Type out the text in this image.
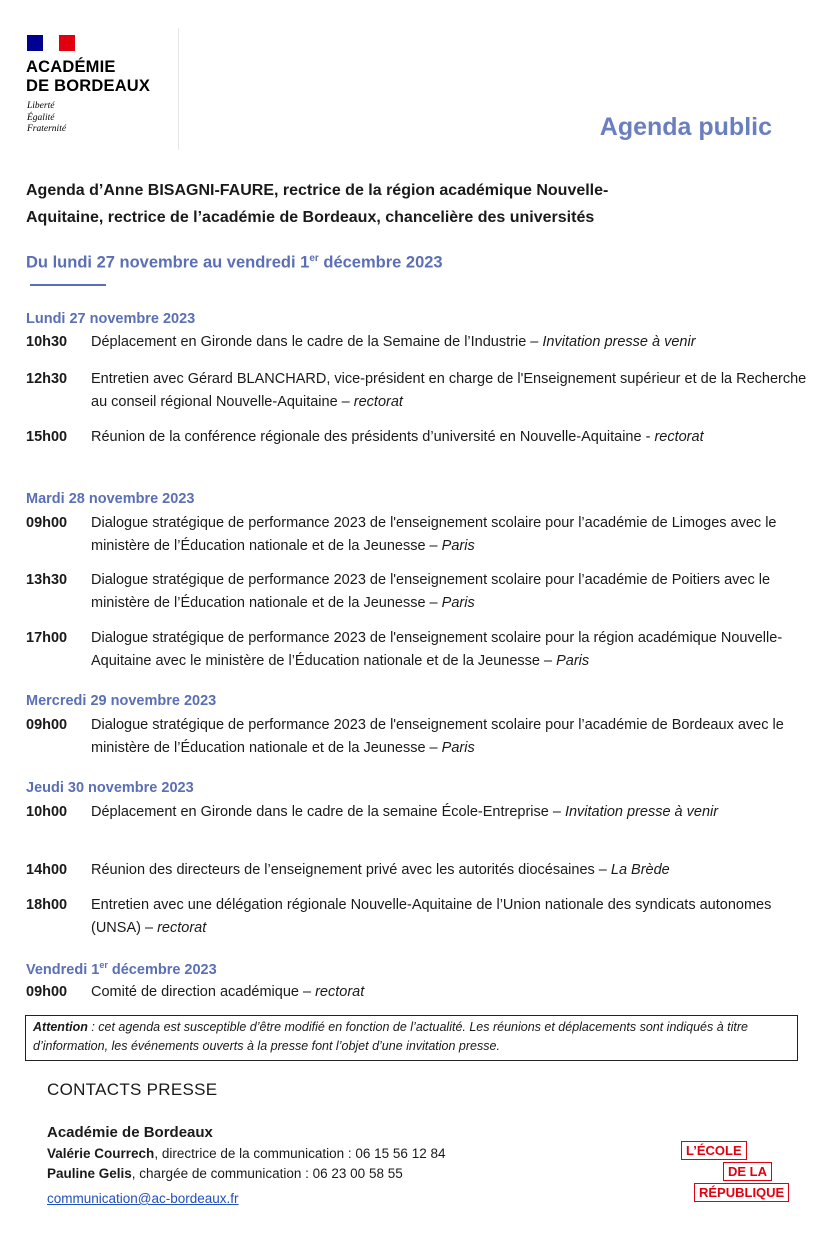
ACADÉMIE
DE BORDEAUX
Liberté
Égalité
Fraternité	Agenda public
Agenda d’Anne BISAGNI-FAURE, rectrice de la région académique Nouvelle-
Aquitaine, rectrice de l’académie de Bordeaux, chancelière des universités
Du lundi 27 novembre au vendredi 1er décembre 2023
Lundi 27 novembre 2023
10h30 Déplacement en Gironde dans le cadre de la Semaine de l’Industrie – Invitation presse à venir
12h30 Entretien avec Gérard BLANCHARD, vice-président en charge de l'Enseignement supérieur et de la Recherche au conseil régional Nouvelle-Aquitaine – rectorat
15h00 Réunion de la conférence régionale des présidents d’université en Nouvelle-Aquitaine - rectorat
Mardi 28 novembre 2023
09h00 Dialogue stratégique de performance 2023 de l'enseignement scolaire pour l’académie de Limoges avec le ministère de l’Éducation nationale et de la Jeunesse – Paris
13h30 Dialogue stratégique de performance 2023 de l'enseignement scolaire pour l’académie de Poitiers avec le ministère de l’Éducation nationale et de la Jeunesse – Paris
17h00 Dialogue stratégique de performance 2023 de l'enseignement scolaire pour la région académique Nouvelle-Aquitaine avec le ministère de l’Éducation nationale et de la Jeunesse – Paris
Mercredi 29 novembre 2023
09h00 Dialogue stratégique de performance 2023 de l'enseignement scolaire pour l’académie de Bordeaux avec le ministère de l’Éducation nationale et de la Jeunesse – Paris
Jeudi 30 novembre 2023
10h00 Déplacement en Gironde dans le cadre de la semaine École-Entreprise – Invitation presse à venir
14h00 Réunion des directeurs de l’enseignement privé avec les autorités diocésaines – La Brède
18h00 Entretien avec une délégation régionale Nouvelle-Aquitaine de l’Union nationale des syndicats autonomes (UNSA) – rectorat
Vendredi 1er décembre 2023
09h00 Comité de direction académique – rectorat
Attention : cet agenda est susceptible d’être modifié en fonction de l’actualité. Les réunions et déplacements sont indiqués à titre d’information, les événements ouverts à la presse font l’objet d’une invitation presse.
CONTACTS PRESSE
Académie de Bordeaux
Valérie Courrech, directrice de la communication : 06 15 56 12 84
Pauline Gelis, chargée de communication : 06 23 00 58 55
communication@ac-bordeaux.fr
L’ÉCOLE
DE LA
RÉPUBLIQUE
